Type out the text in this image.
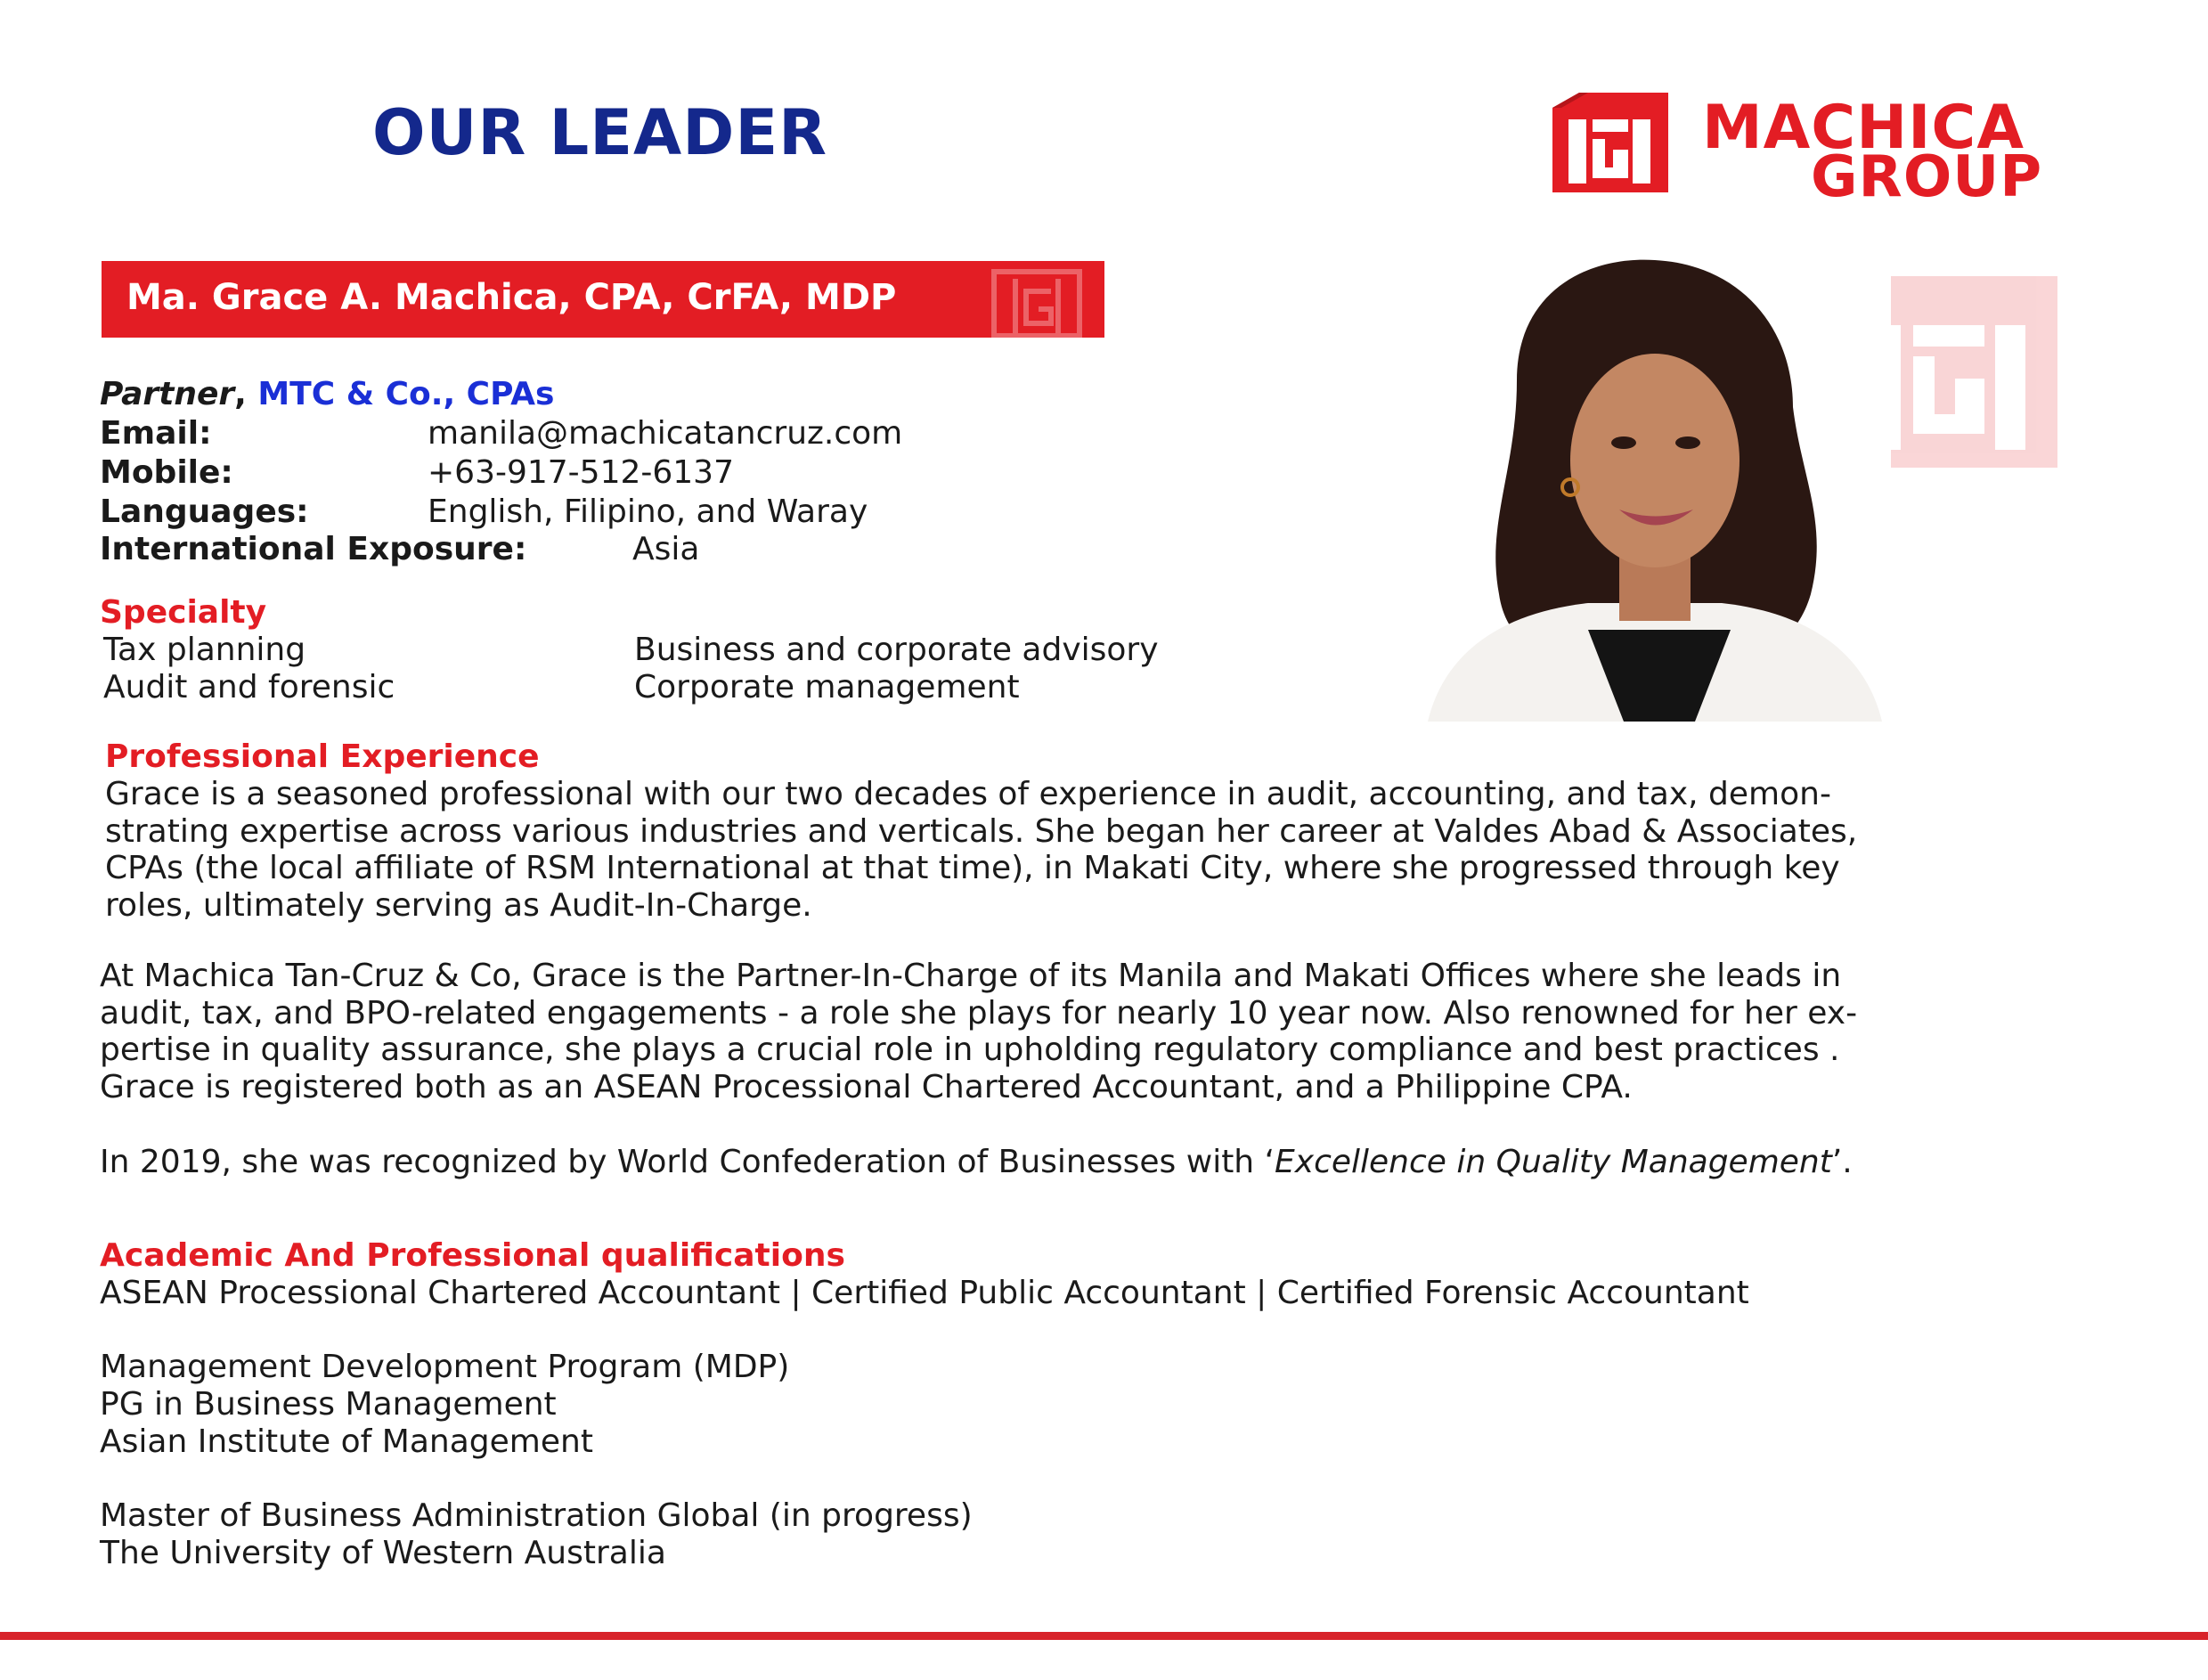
OUR LEADER	MACHICA
GROUP
Ma. Grace A. Machica, CPA, CrFA, MDP
Partner, MTC & Co., CPAs
Email:	manila@machicatancruz.com
Mobile:	+63-917-512-6137
Languages:	English, Filipino, and Waray
International Exposure:	Asia
Specialty
Tax planning	Business and corporate advisory
Audit and forensic	Corporate management
Professional Experience
Grace is a seasoned professional with our two decades of experience in audit, accounting, and tax, demon-
strating expertise across various industries and verticals. She began her career at Valdes Abad & Associates,
CPAs (the local affiliate of RSM International at that time), in Makati City, where she progressed through key
roles, ultimately serving as Audit-In-Charge.
At Machica Tan-Cruz & Co, Grace is the Partner-In-Charge of its Manila and Makati Offices where she leads in
audit, tax, and BPO-related engagements - a role she plays for nearly 10 year now. Also renowned for her ex-
pertise in quality assurance, she plays a crucial role in upholding regulatory compliance and best practices .
Grace is registered both as an ASEAN Processional Chartered Accountant, and a Philippine CPA.
In 2019, she was recognized by World Confederation of Businesses with ‘Excellence in Quality Management’.
Academic And Professional qualifications
ASEAN Processional Chartered Accountant | Certified Public Accountant | Certified Forensic Accountant
Management Development Program (MDP)
PG in Business Management
Asian Institute of Management
Master of Business Administration Global (in progress)
The University of Western Australia
